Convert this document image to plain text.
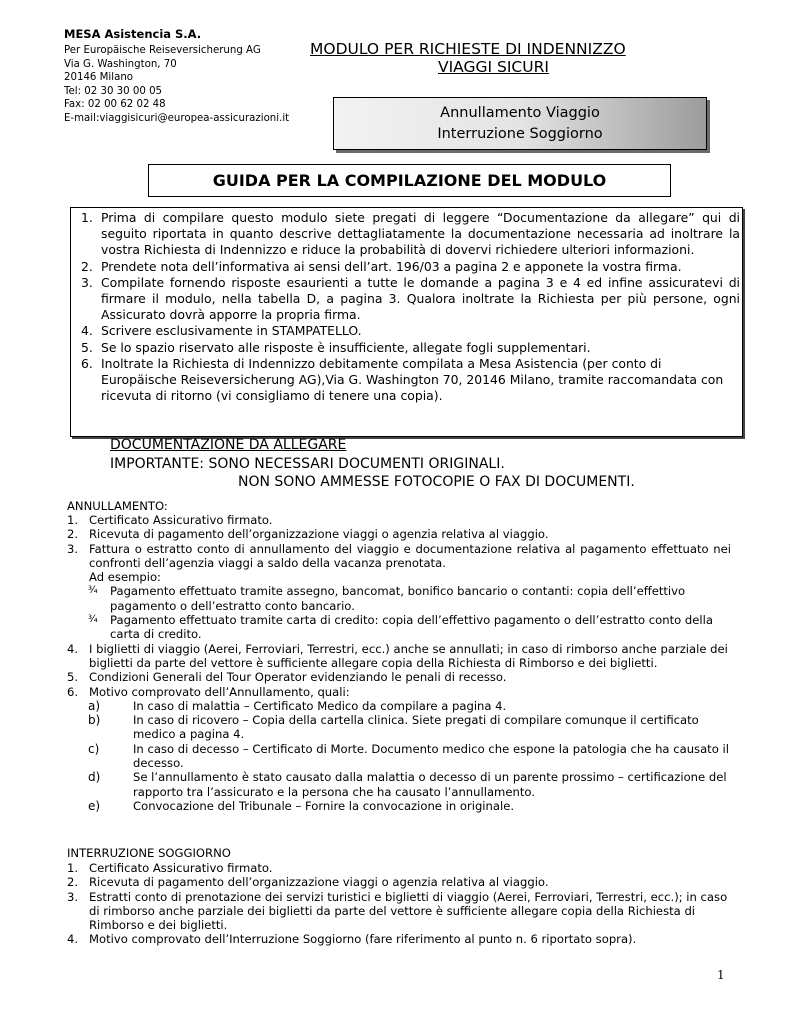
MESA Asistencia S.A.
Per Europäische Reiseversicherung AG
Via G. Washington, 70
20146 Milano
Tel: 02 30 30 00 05
Fax: 02 00 62 02 48
E-mail:viaggisicuri@europea-assicurazioni.it
MODULO PER RICHIESTE DI INDENNIZZO
VIAGGI SICURI
Annullamento Viaggio
Interruzione Soggiorno
GUIDA PER LA COMPILAZIONE DEL MODULO
1. Prima di compilare questo modulo siete pregati di leggere “Documentazione da allegare” qui di seguito riportata in quanto descrive dettagliatamente la documentazione necessaria ad inoltrare la vostra Richiesta di Indennizzo e riduce la probabilità di dovervi richiedere ulteriori informazioni.
2. Prendete nota dell’informativa ai sensi dell’art. 196/03 a pagina 2 e apponete la vostra firma.
3. Compilate fornendo risposte esaurienti a tutte le domande a pagina 3 e 4 ed infine assicuratevi di firmare il modulo, nella tabella D, a pagina 3. Qualora inoltrate la Richiesta per più persone, ogni Assicurato dovrà apporre la propria firma.
4. Scrivere esclusivamente in STAMPATELLO.
5. Se lo spazio riservato alle risposte è insufficiente, allegate fogli supplementari.
6. Inoltrate la Richiesta di Indennizzo debitamente compilata a Mesa Asistencia (per conto di Europäische Reiseversicherung AG),Via G. Washington 70, 20146 Milano, tramite raccomandata con ricevuta di ritorno (vi consigliamo di tenere una copia).
DOCUMENTAZIONE DA ALLEGARE
IMPORTANTE: SONO NECESSARI DOCUMENTI ORIGINALI.
NON SONO AMMESSE FOTOCOPIE O FAX DI DOCUMENTI.
ANNULLAMENTO:
1. Certificato Assicurativo firmato.
2. Ricevuta di pagamento dell’organizzazione viaggi o agenzia relativa al viaggio.
3. Fattura o estratto conto di annullamento del viaggio e documentazione relativa al pagamento effettuato nei confronti dell’agenzia viaggi a saldo della vacanza prenotata.
Ad esempio:
¾ Pagamento effettuato tramite assegno, bancomat, bonifico bancario o contanti: copia dell’effettivo pagamento o dell’estratto conto bancario.
¾ Pagamento effettuato tramite carta di credito: copia dell’effettivo pagamento o dell’estratto conto della carta di credito.
4. I biglietti di viaggio (Aerei, Ferroviari, Terrestri, ecc.) anche se annullati; in caso di rimborso anche parziale dei biglietti da parte del vettore è sufficiente allegare copia della Richiesta di Rimborso e dei biglietti.
5. Condizioni Generali del Tour Operator evidenziando le penali di recesso.
6. Motivo comprovato dell’Annullamento, quali:
a)	In caso di malattia – Certificato Medico da compilare a pagina 4.
b)	In caso di ricovero – Copia della cartella clinica. Siete pregati di compilare comunque il certificato medico a pagina 4.
c)	In caso di decesso – Certificato di Morte. Documento medico che espone la patologia che ha causato il decesso.
d)	Se l’annullamento è stato causato dalla malattia o decesso di un parente prossimo – certificazione del rapporto tra l’assicurato e la persona che ha causato l’annullamento.
e)	Convocazione del Tribunale – Fornire la convocazione in originale.
INTERRUZIONE SOGGIORNO
1. Certificato Assicurativo firmato.
2. Ricevuta di pagamento dell’organizzazione viaggi o agenzia relativa al viaggio.
3. Estratti conto di prenotazione dei servizi turistici e biglietti di viaggio (Aerei, Ferroviari, Terrestri, ecc.); in caso di rimborso anche parziale dei biglietti da parte del vettore è sufficiente allegare copia della Richiesta di Rimborso e dei biglietti.
4. Motivo comprovato dell’Interruzione Soggiorno (fare riferimento al punto n. 6 riportato sopra).
1
